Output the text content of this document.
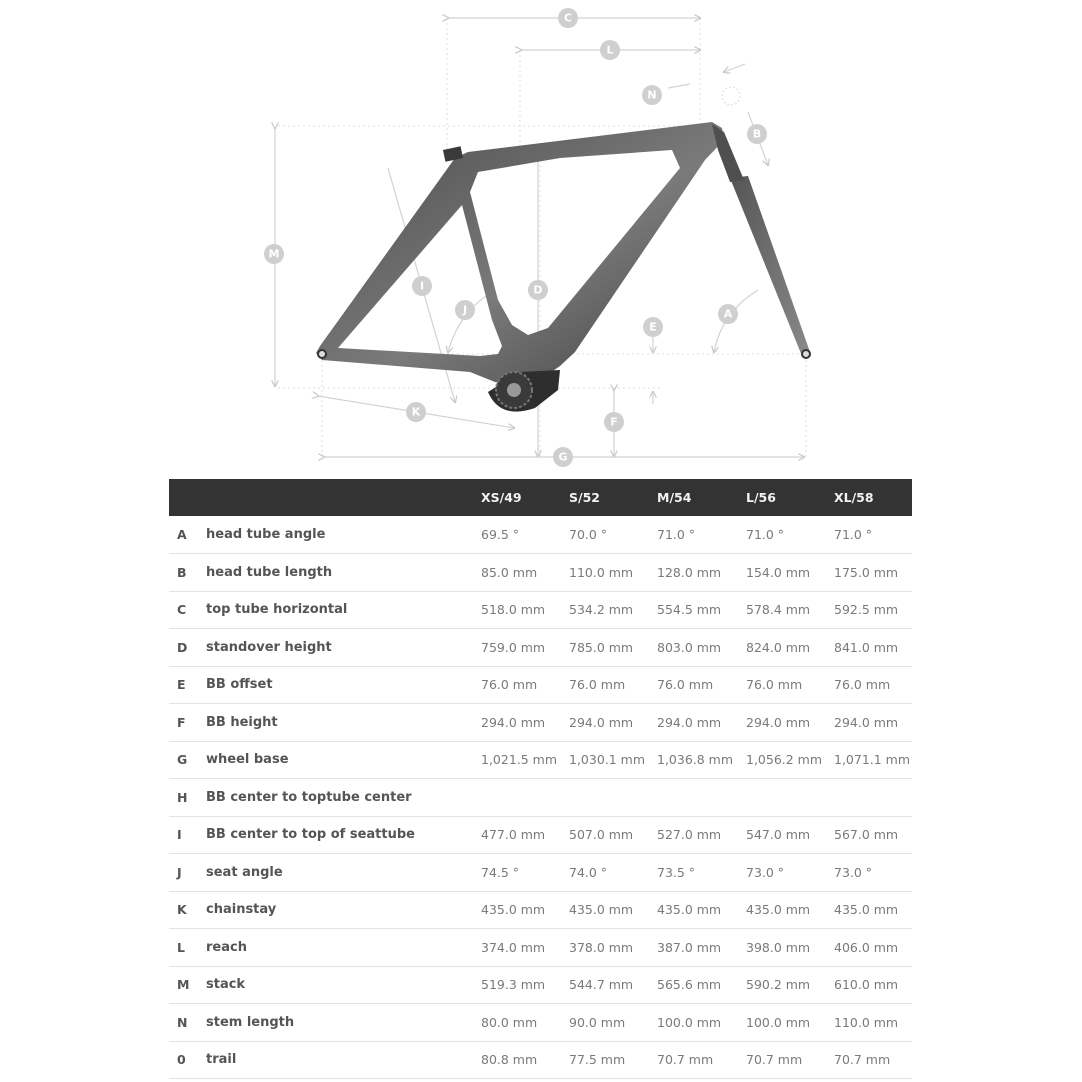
C
L
N
B
M
I
J
D
E
A
K
F
G
		XS/49	S/52	M/54	L/56	XL/58
A	head tube angle	69.5 °	70.0 °	71.0 °	71.0 °	71.0 °
B	head tube length	85.0 mm	110.0 mm	128.0 mm	154.0 mm	175.0 mm
C	top tube horizontal	518.0 mm	534.2 mm	554.5 mm	578.4 mm	592.5 mm
D	standover height	759.0 mm	785.0 mm	803.0 mm	824.0 mm	841.0 mm
E	BB offset	76.0 mm	76.0 mm	76.0 mm	76.0 mm	76.0 mm
F	BB height	294.0 mm	294.0 mm	294.0 mm	294.0 mm	294.0 mm
G	wheel base	1,021.5 mm	1,030.1 mm	1,036.8 mm	1,056.2 mm	1,071.1 mm
H	BB center to toptube center					
I	BB center to top of seattube	477.0 mm	507.0 mm	527.0 mm	547.0 mm	567.0 mm
J	seat angle	74.5 °	74.0 °	73.5 °	73.0 °	73.0 °
K	chainstay	435.0 mm	435.0 mm	435.0 mm	435.0 mm	435.0 mm
L	reach	374.0 mm	378.0 mm	387.0 mm	398.0 mm	406.0 mm
M	stack	519.3 mm	544.7 mm	565.6 mm	590.2 mm	610.0 mm
N	stem length	80.0 mm	90.0 mm	100.0 mm	100.0 mm	110.0 mm
0	trail	80.8 mm	77.5 mm	70.7 mm	70.7 mm	70.7 mm
